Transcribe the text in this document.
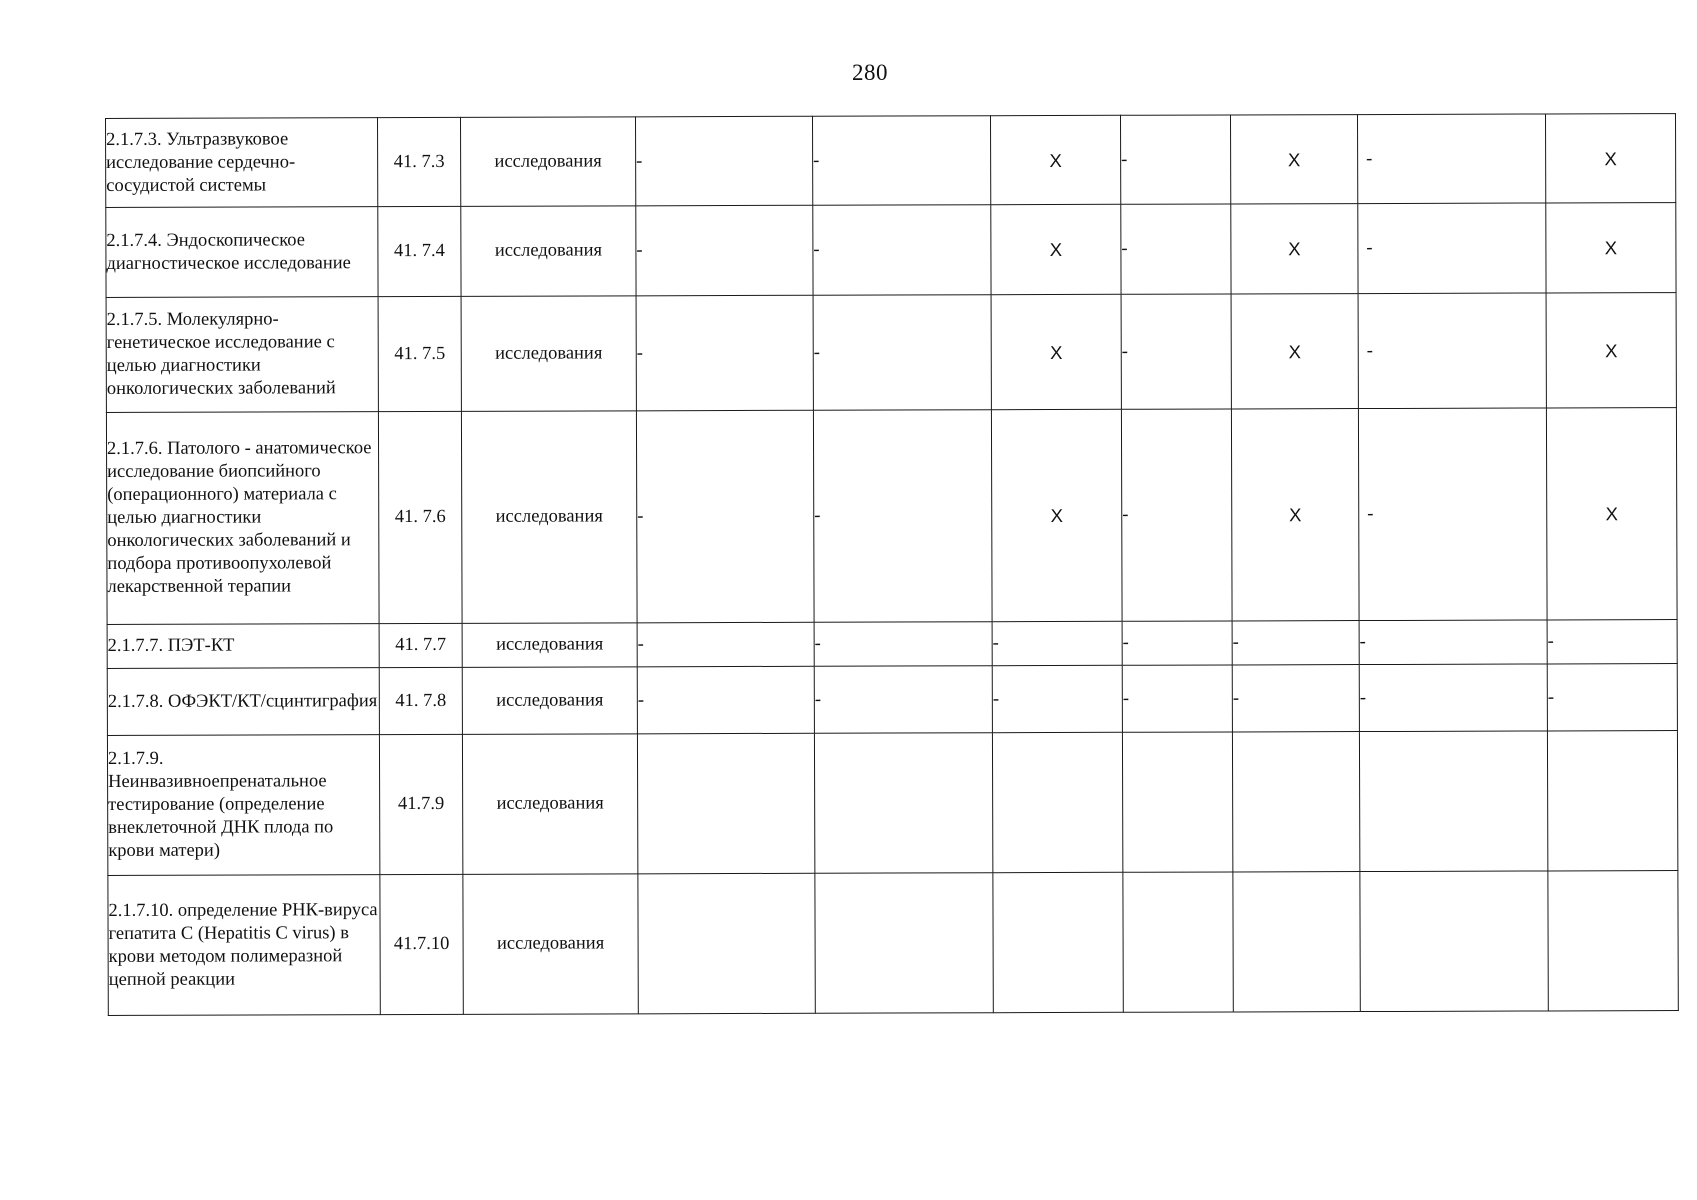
280
2.1.7.3. Ультразвуковое исследование сердечно-сосудистой системы	41. 7.3	исследования	-	-	Х	-	Х	-	Х
2.1.7.4. Эндоскопическое диагностическое исследование	41. 7.4	исследования	-	-	Х	-	Х	-	Х
2.1.7.5. Молекулярно-генетическое исследование с целью диагностики онкологических заболеваний	41. 7.5	исследования	-	-	Х	-	Х	-	Х
2.1.7.6. Патолого - анатомическое исследование биопсийного (операционного) материала с целью диагностики онкологических заболеваний и подбора противоопухолевой лекарственной терапии	41. 7.6	исследования	-	-	Х	-	Х	-	Х
2.1.7.7. ПЭТ-КТ	41. 7.7	исследования	-	-	-	-	-	-	-
2.1.7.8. ОФЭКТ/КТ/сцинтиграфия	41. 7.8	исследования	-	-	-	-	-	-	-
2.1.7.9. Неинвазивноепренатальное тестирование (определение внеклеточной ДНК плода по крови матери)	41.7.9	исследования							
2.1.7.10. определение РНК-вируса гепатита С (Hepatitis C virus) в крови методом полимеразной цепной реакции	41.7.10	исследования							
